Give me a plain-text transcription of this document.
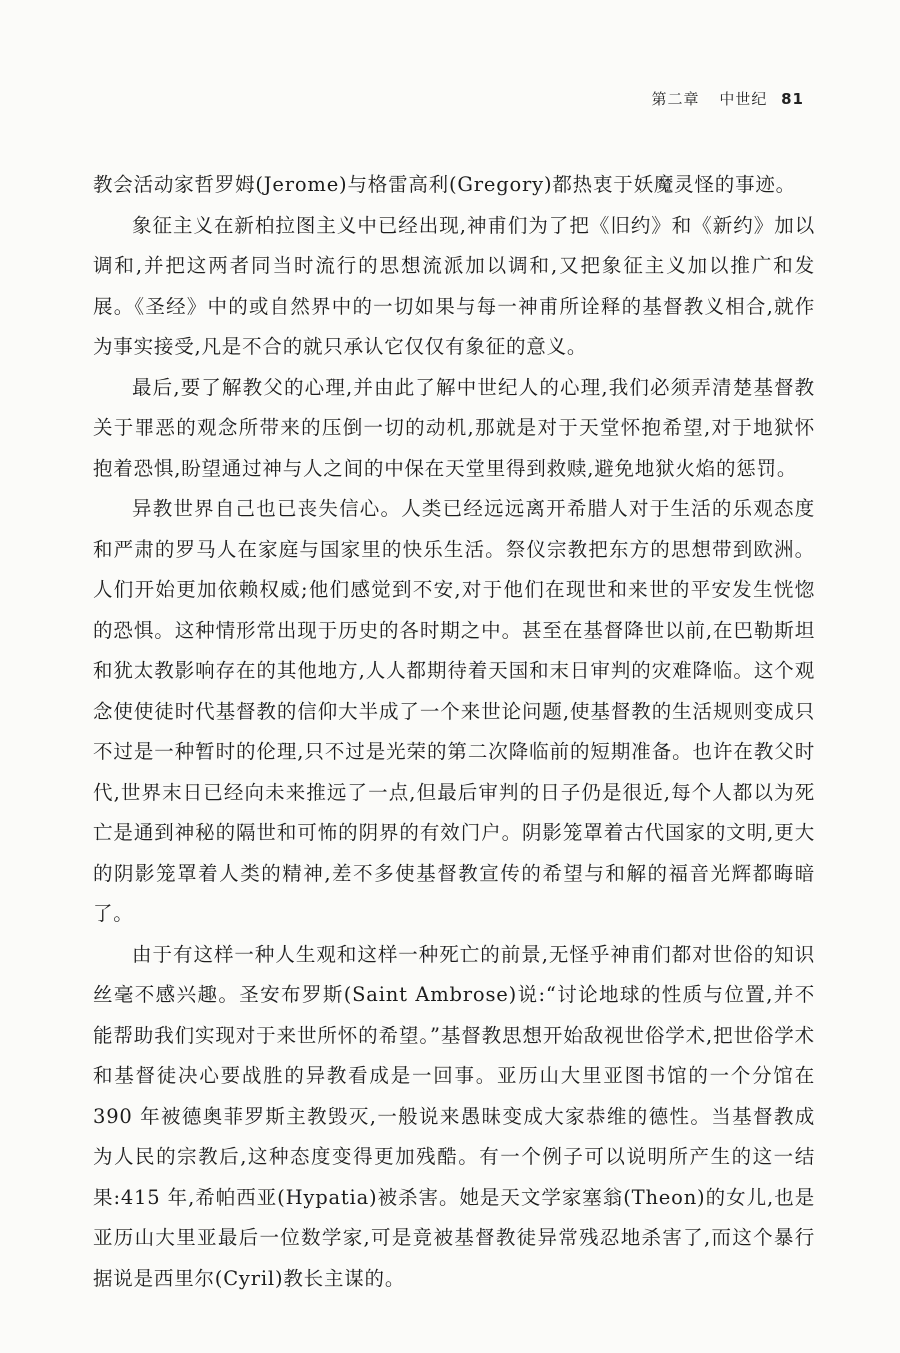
第二章 中世纪 81

教会活动家哲罗姆(Jerome)与格雷高利(Gregory)都热衷于妖魔灵怪的事迹。

象征主义在新柏拉图主义中已经出现,神甫们为了把《旧约》和《新约》加以调和,并把这两者同当时流行的思想流派加以调和,又把象征主义加以推广和发展。《圣经》中的或自然界中的一切如果与每一神甫所诠释的基督教义相合,就作为事实接受,凡是不合的就只承认它仅仅有象征的意义。

最后,要了解教父的心理,并由此了解中世纪人的心理,我们必须弄清楚基督教关于罪恶的观念所带来的压倒一切的动机,那就是对于天堂怀抱希望,对于地狱怀抱着恐惧,盼望通过神与人之间的中保在天堂里得到救赎,避免地狱火焰的惩罚。

异教世界自己也已丧失信心。人类已经远远离开希腊人对于生活的乐观态度和严肃的罗马人在家庭与国家里的快乐生活。祭仪宗教把东方的思想带到欧洲。人们开始更加依赖权威;他们感觉到不安,对于他们在现世和来世的平安发生恍惚的恐惧。这种情形常出现于历史的各时期之中。甚至在基督降世以前,在巴勒斯坦和犹太教影响存在的其他地方,人人都期待着天国和末日审判的灾难降临。这个观念使使徒时代基督教的信仰大半成了一个来世论问题,使基督教的生活规则变成只不过是一种暂时的伦理,只不过是光荣的第二次降临前的短期准备。也许在教父时代,世界末日已经向未来推远了一点,但最后审判的日子仍是很近,每个人都以为死亡是通到神秘的隔世和可怖的阴界的有效门户。阴影笼罩着古代国家的文明,更大的阴影笼罩着人类的精神,差不多使基督教宣传的希望与和解的福音光辉都晦暗了。

由于有这样一种人生观和这样一种死亡的前景,无怪乎神甫们都对世俗的知识丝毫不感兴趣。圣安布罗斯(Saint Ambrose)说:“讨论地球的性质与位置,并不能帮助我们实现对于来世所怀的希望。”基督教思想开始敌视世俗学术,把世俗学术和基督徒决心要战胜的异教看成是一回事。亚历山大里亚图书馆的一个分馆在 390 年被德奥菲罗斯主教毁灭,一般说来愚昧变成大家恭维的德性。当基督教成为人民的宗教后,这种态度变得更加残酷。有一个例子可以说明所产生的这一结果:415 年,希帕西亚(Hypatia)被杀害。她是天文学家塞翁(Theon)的女儿,也是亚历山大里亚最后一位数学家,可是竟被基督教徒异常残忍地杀害了,而这个暴行据说是西里尔(Cyril)教长主谋的。
